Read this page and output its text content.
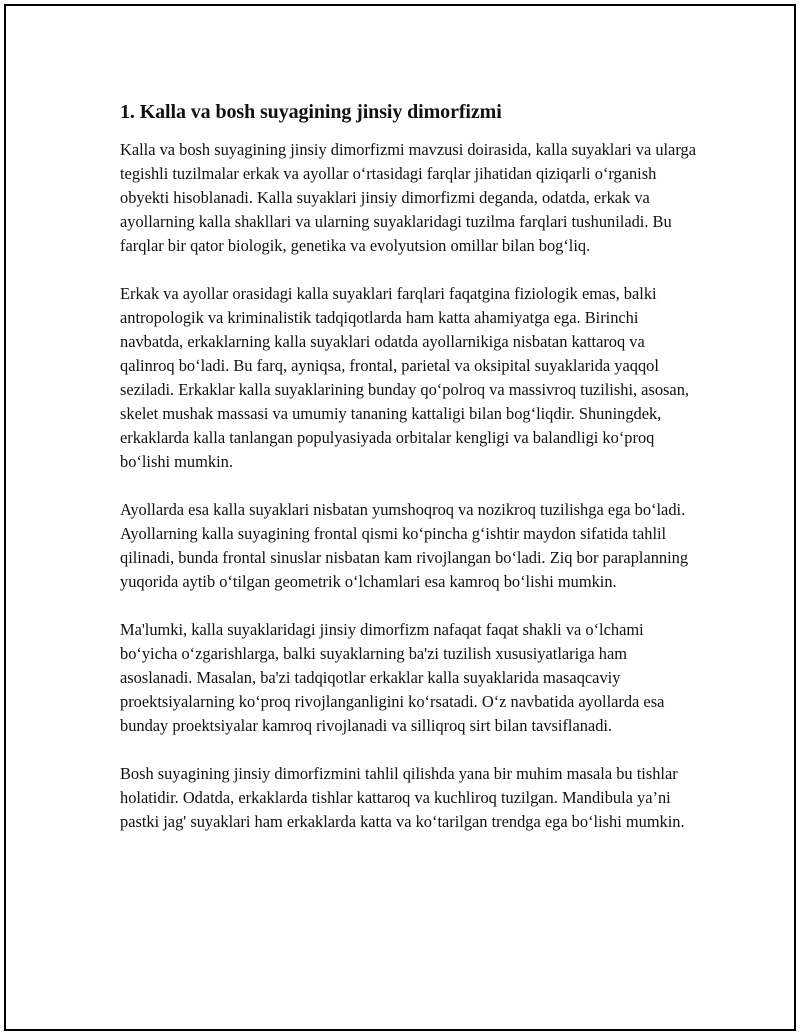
1. Kalla va bosh suyagining jinsiy dimorfizmi

Kalla va bosh suyagining jinsiy dimorfizmi mavzusi doirasida, kalla suyaklari va ularga tegishli tuzilmalar erkak va ayollar o‘rtasidagi farqlar jihatidan qiziqarli o‘rganish obyekti hisoblanadi. Kalla suyaklari jinsiy dimorfizmi deganda, odatda, erkak va ayollarning kalla shakllari va ularning suyaklaridagi tuzilma farqlari tushuniladi. Bu farqlar bir qator biologik, genetika va evolyutsion omillar bilan bog‘liq.

Erkak va ayollar orasidagi kalla suyaklari farqlari faqatgina fiziologik emas, balki antropologik va kriminalistik tadqiqotlarda ham katta ahamiyatga ega. Birinchi navbatda, erkaklarning kalla suyaklari odatda ayollarnikiga nisbatan kattaroq va qalinroq bo‘ladi. Bu farq, ayniqsa, frontal, parietal va oksipital suyaklarida yaqqol seziladi. Erkaklar kalla suyaklarining bunday qo‘polroq va massivroq tuzilishi, asosan, skelet mushak massasi va umumiy tananing kattaligi bilan bog‘liqdir. Shuningdek, erkaklarda kalla tanlangan populyasiyada orbitalar kengligi va balandligi ko‘proq bo‘lishi mumkin.

Ayollarda esa kalla suyaklari nisbatan yumshoqroq va nozikroq tuzilishga ega bo‘ladi. Ayollarning kalla suyagining frontal qismi ko‘pincha g‘ishtir maydon sifatida tahlil qilinadi, bunda frontal sinuslar nisbatan kam rivojlangan bo‘ladi. Ziq bor paraplanning yuqorida aytib o‘tilgan geometrik o‘lchamlari esa kamroq bo‘lishi mumkin.

Ma'lumki, kalla suyaklaridagi jinsiy dimorfizm nafaqat faqat shakli va o‘lchami bo‘yicha o‘zgarishlarga, balki suyaklarning ba'zi tuzilish xususiyatlariga ham asoslanadi. Masalan, ba'zi tadqiqotlar erkaklar kalla suyaklarida masaqcaviy proektsiyalarning ko‘proq rivojlanganligini ko‘rsatadi. O‘z navbatida ayollarda esa bunday proektsiyalar kamroq rivojlanadi va silliqroq sirt bilan tavsiflanadi.

Bosh suyagining jinsiy dimorfizmini tahlil qilishda yana bir muhim masala bu tishlar holatidir. Odatda, erkaklarda tishlar kattaroq va kuchliroq tuzilgan. Mandibula ya’ni pastki jag' suyaklari ham erkaklarda katta va ko‘tarilgan trendga ega bo‘lishi mumkin.
